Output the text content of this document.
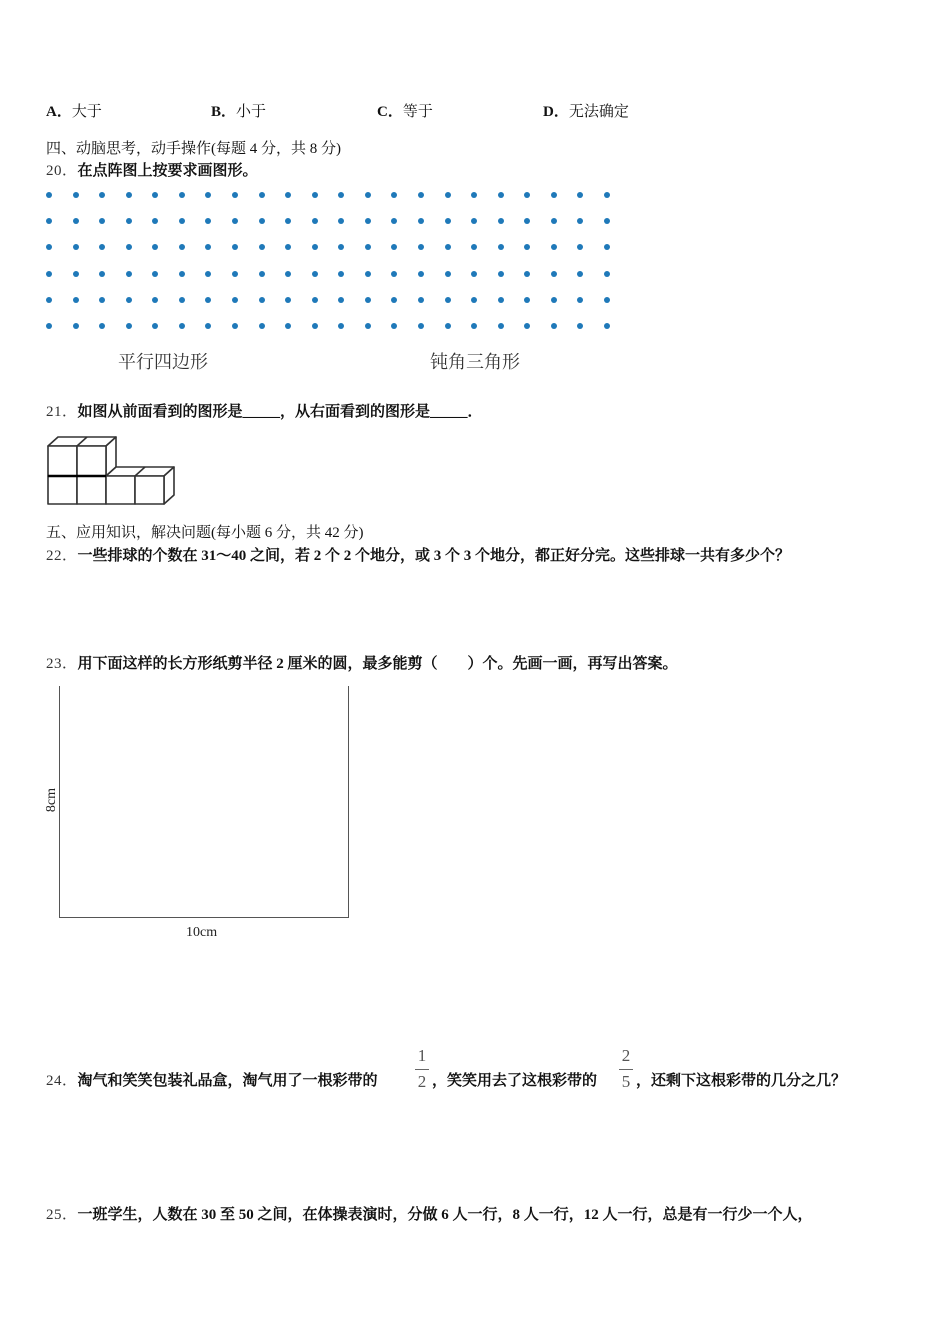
A．大于	B．小于	C．等于	D．无法确定
四、动脑思考，动手操作(每题 4 分，共 8 分)
20．在点阵图上按要求画图形。
平行四边形	钝角三角形
21．如图从前面看到的图形是_____，从右面看到的图形是_____．
五、应用知识，解决问题(每小题 6 分，共 42 分)
22．一些排球的个数在 31～40 之间，若 2 个 2 个地分，或 3 个 3 个地分，都正好分完。这些排球一共有多少个？
23．用下面这样的长方形纸剪半径 2 厘米的圆，最多能剪（　　）个。先画一画，再写出答案。
8cm
10cm
24．淘气和笑笑包装礼品盒，淘气用了一根彩带的
1
2 ，笑笑用去了这根彩带的
2
5 ，还剩下这根彩带的几分之几？
25．一班学生，人数在 30 至 50 之间，在体操表演时，分做 6 人一行，8 人一行，12 人一行，总是有一行少一个人，
